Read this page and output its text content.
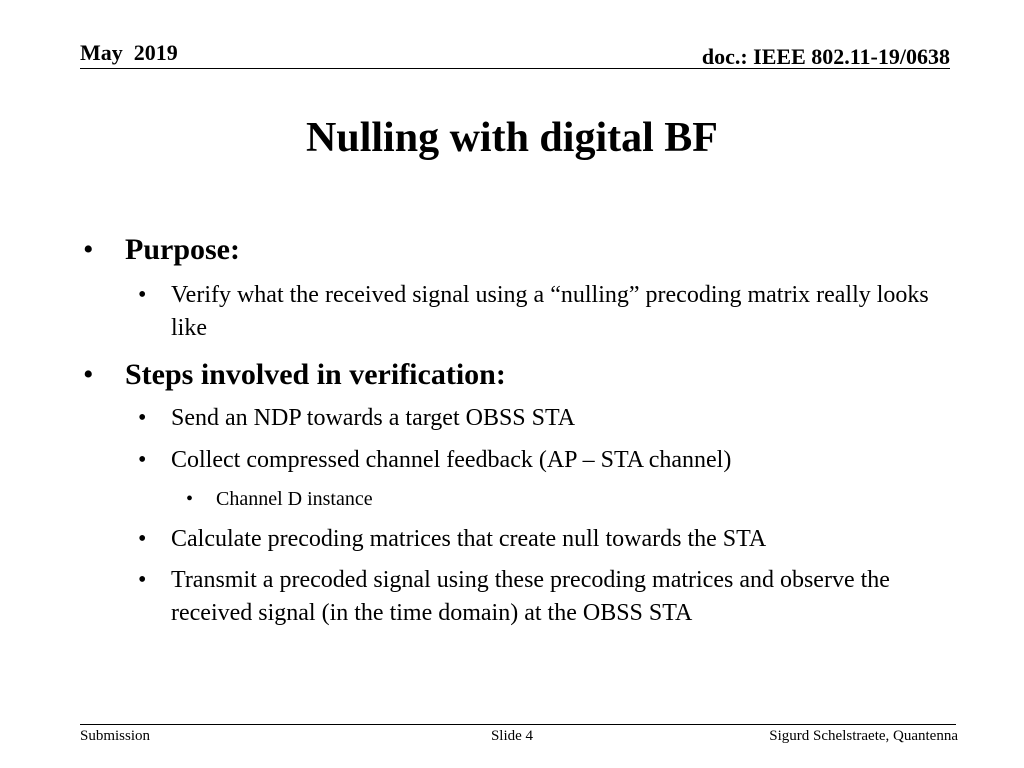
May  2019	doc.: IEEE 802.11-19/0638
Nulling with digital BF
• Purpose:
• Verify what the received signal using a “nulling” precoding matrix really looks like
• Steps involved in verification:
• Send an NDP towards a target OBSS STA
• Collect compressed channel feedback (AP – STA channel)
• Channel D instance
• Calculate precoding matrices that create null towards the STA
• Transmit a precoded signal using these precoding matrices and observe the received signal (in the time domain) at the OBSS STA
Submission	Slide 4	Sigurd Schelstraete, Quantenna
